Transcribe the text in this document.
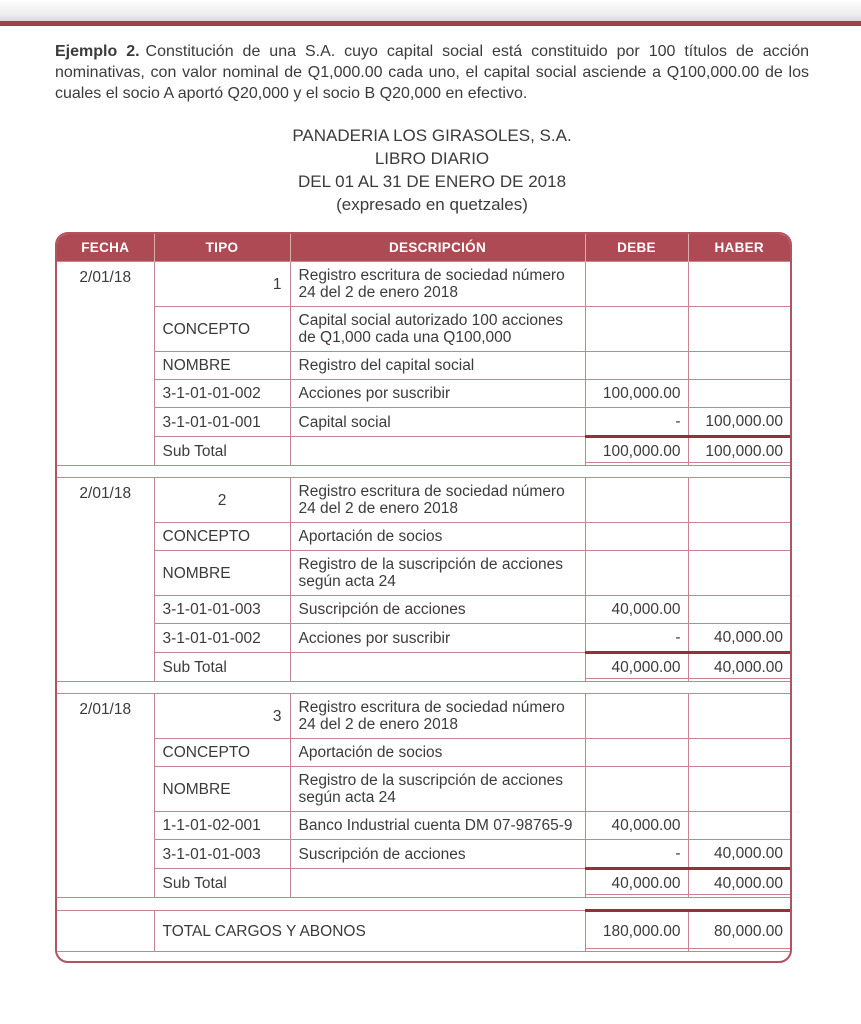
Ejemplo 2. Constitución de una S.A. cuyo capital social está constituido por 100 títulos de acción nominativas, con valor nominal de Q1,000.00 cada uno, el capital social asciende a Q100,000.00 de los cuales el socio A aportó Q20,000 y el socio B Q20,000 en efectivo.

PANADERIA LOS GIRASOLES, S.A.
LIBRO DIARIO
DEL 01 AL 31 DE ENERO DE 2018
(expresado en quetzales)
FECHA	TIPO	DESCRIPCIÓN	DEBE	HABER
2/01/18	1	Registro escritura de sociedad número 24 del 2 de enero 2018		
	CONCEPTO	Capital social autorizado 100 acciones de Q1,000 cada una Q100,000		
	NOMBRE	Registro del capital social		
	3-1-01-01-002	Acciones por suscribir	100,000.00	
	3-1-01-01-001	Capital social	-	100,000.00
	Sub Total		100,000.00	100,000.00

2/01/18	2	Registro escritura de sociedad número 24 del 2 de enero 2018		
	CONCEPTO	Aportación de socios		
	NOMBRE	Registro de la suscripción de acciones según acta 24		
	3-1-01-01-003	Suscripción de acciones	40,000.00	
	3-1-01-01-002	Acciones por suscribir	-	40,000.00
	Sub Total		40,000.00	40,000.00

2/01/18	3	Registro escritura de sociedad número 24 del 2 de enero 2018		
	CONCEPTO	Aportación de socios		
	NOMBRE	Registro de la suscripción de acciones según acta 24		
	1-1-01-02-001	Banco Industrial cuenta DM 07-98765-9	40,000.00	
	3-1-01-01-003	Suscripción de acciones	-	40,000.00
	Sub Total		40,000.00	40,000.00

	TOTAL CARGOS Y ABONOS		180,000.00	80,000.00
